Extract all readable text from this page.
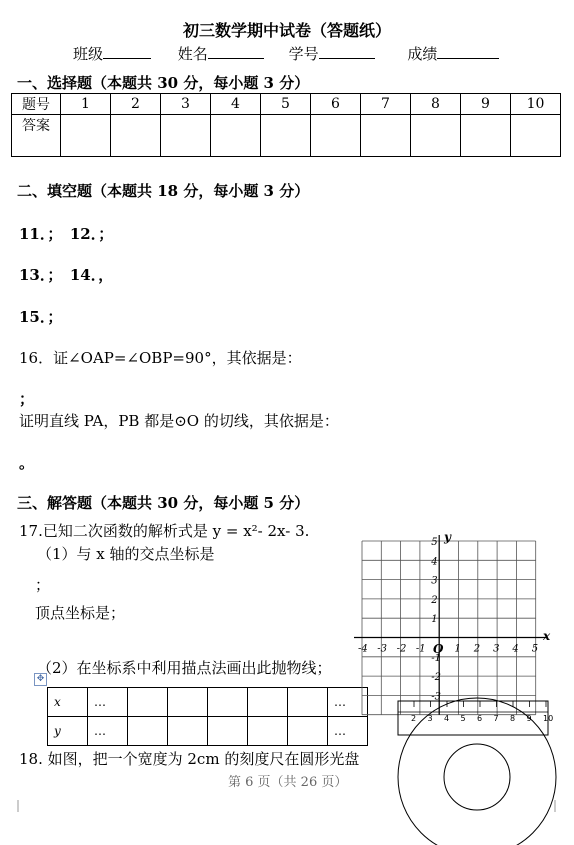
初三数学期中试卷（答题纸）
班级	姓名	学号	成绩
一、选择题（本题共 30 分，每小题 3 分）
题号	1	2	3	4	5	6	7	8	9	10
答案										
二、填空题（本题共 18 分，每小题 3 分）
11．；　12．；
13．；　14．，
15．；
16．证∠OAP=∠OBP=90°，其依据是：
；
证明直线 PA，PB 都是⊙O 的切线，其依据是：
。
三、解答题（本题共 30 分，每小题 5 分）
17.已知二次函数的解析式是 y = x²- 2x- 3.
（1）与 x 轴的交点坐标是
；
顶点坐标是；
（2）在坐标系中利用描点法画出此抛物线；
✥
x	…						…
y	…						…
18. 如图，把一个宽度为 2cm 的刻度尺在圆形光盘
5
4
3
2
1
-1
-2
-3
-4 -3 -2 -1	1 2 3 4 5
x
y
O
2 3 4 5 6 7 8 9 10
第 6 页（共 26 页）
